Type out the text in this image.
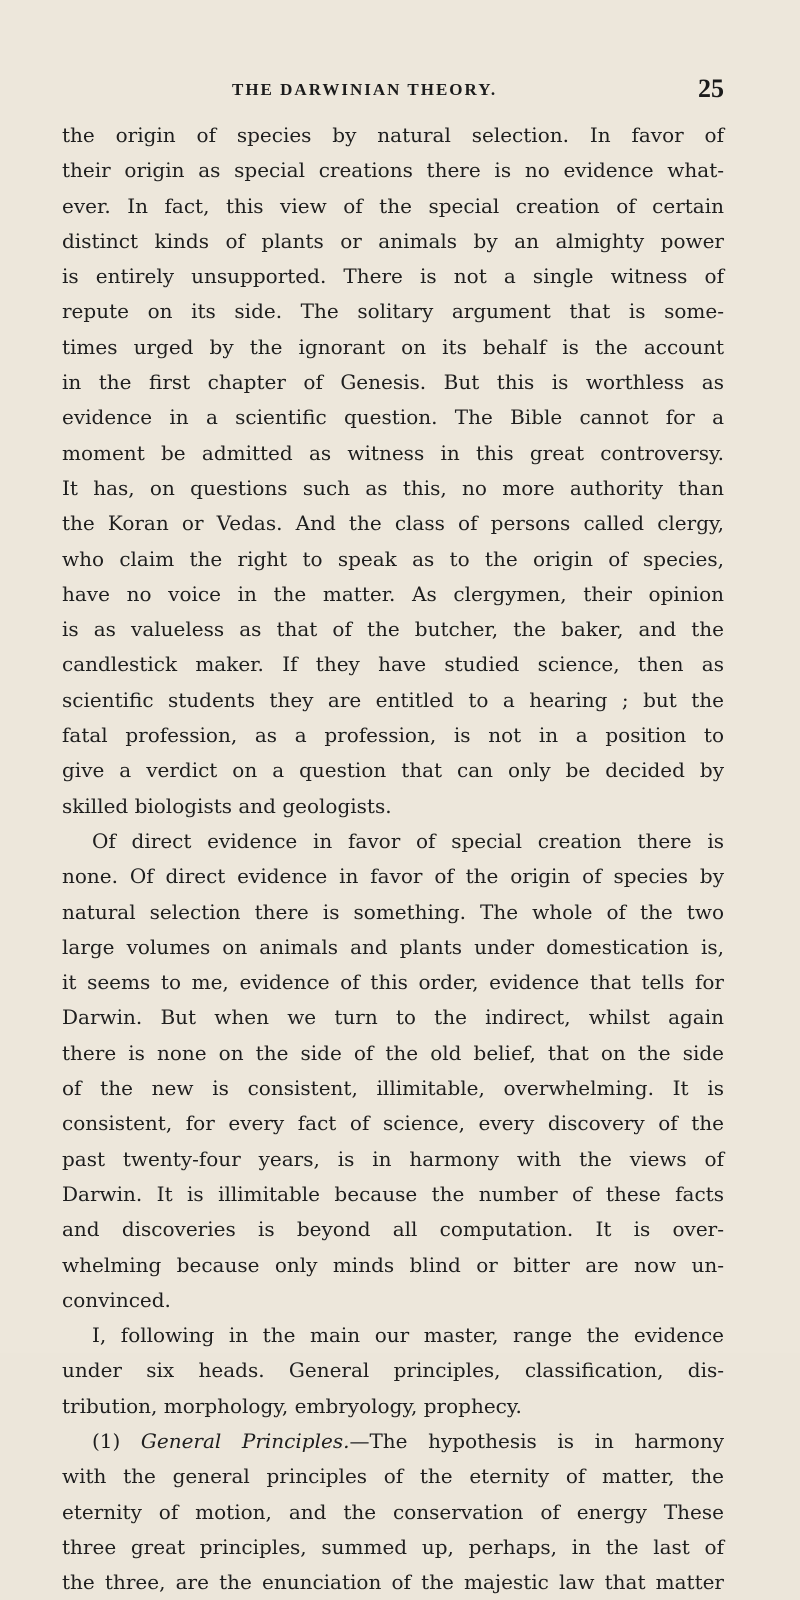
THE DARWINIAN THEORY.	25
the origin of species by natural selection. In favor of
their origin as special creations there is no evidence what-
ever. In fact, this view of the special creation of certain
distinct kinds of plants or animals by an almighty power
is entirely unsupported. There is not a single witness of
repute on its side. The solitary argument that is some-
times urged by the ignorant on its behalf is the account
in the first chapter of Genesis. But this is worthless as
evidence in a scientific question. The Bible cannot for a
moment be admitted as witness in this great controversy.
It has, on questions such as this, no more authority than
the Koran or Vedas. And the class of persons called clergy,
who claim the right to speak as to the origin of species,
have no voice in the matter. As clergymen, their opinion
is as valueless as that of the butcher, the baker, and the
candlestick maker. If they have studied science, then as
scientific students they are entitled to a hearing ; but the
fatal profession, as a profession, is not in a position to
give a verdict on a question that can only be decided by
skilled biologists and geologists.
Of direct evidence in favor of special creation there is
none. Of direct evidence in favor of the origin of species by
natural selection there is something. The whole of the two
large volumes on animals and plants under domestication is,
it seems to me, evidence of this order, evidence that tells for
Darwin. But when we turn to the indirect, whilst again
there is none on the side of the old belief, that on the side
of the new is consistent, illimitable, overwhelming. It is
consistent, for every fact of science, every discovery of the
past twenty-four years, is in harmony with the views of
Darwin. It is illimitable because the number of these facts
and discoveries is beyond all computation. It is over-
whelming because only minds blind or bitter are now un-
convinced.
I, following in the main our master, range the evidence
under six heads. General principles, classification, dis-
tribution, morphology, embryology, prophecy.
(1) General Principles.—The hypothesis is in harmony
with the general principles of the eternity of matter, the
eternity of motion, and the conservation of energy These
three great principles, summed up, perhaps, in the last of
the three, are the enunciation of the majestic law that matter
